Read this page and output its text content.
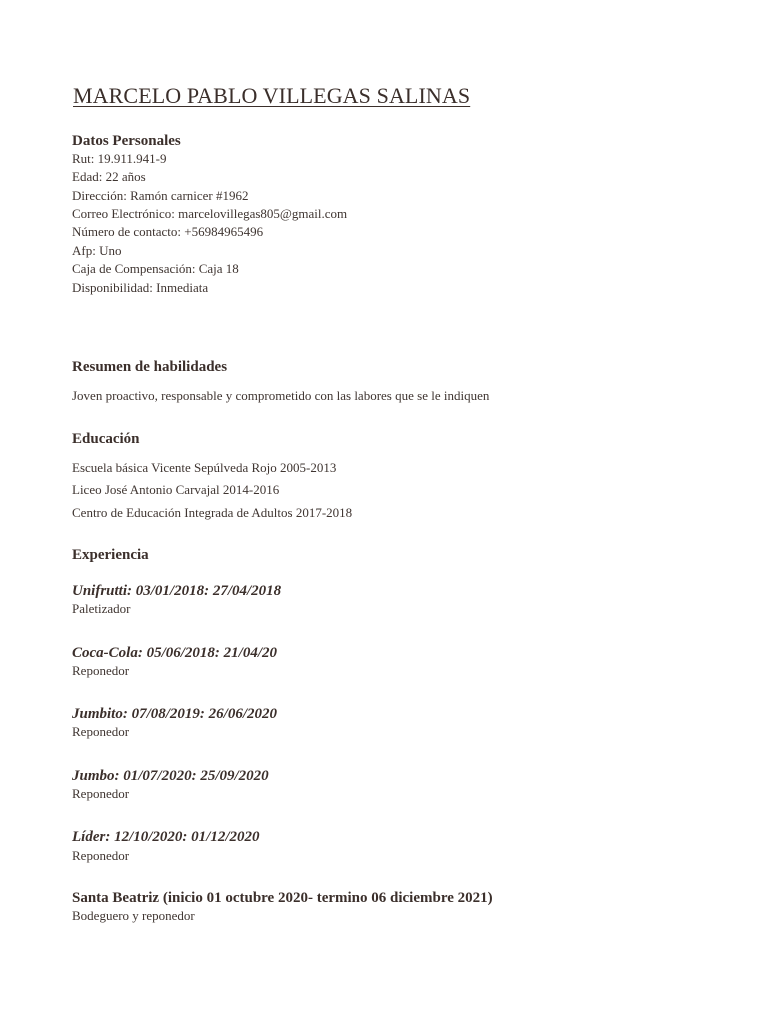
MARCELO PABLO VILLEGAS SALINAS
Datos Personales
Rut: 19.911.941-9
Edad: 22 años
Dirección: Ramón carnicer #1962
Correo Electrónico: marcelovillegas805@gmail.com
Número de contacto: +56984965496
Afp: Uno
Caja de Compensación: Caja 18
Disponibilidad: Inmediata
Resumen de habilidades
Joven proactivo, responsable y comprometido con las labores que se le indiquen
Educación
Escuela básica Vicente Sepúlveda Rojo 2005-2013
Liceo José Antonio Carvajal 2014-2016
Centro de Educación Integrada de Adultos 2017-2018
Experiencia
Unifrutti: 03/01/2018: 27/04/2018
Paletizador
Coca-Cola: 05/06/2018: 21/04/20
Reponedor
Jumbito: 07/08/2019: 26/06/2020
Reponedor
Jumbo: 01/07/2020: 25/09/2020
Reponedor
Líder: 12/10/2020: 01/12/2020
Reponedor
Santa Beatriz (inicio 01 octubre 2020- termino 06 diciembre 2021)
Bodeguero y reponedor
